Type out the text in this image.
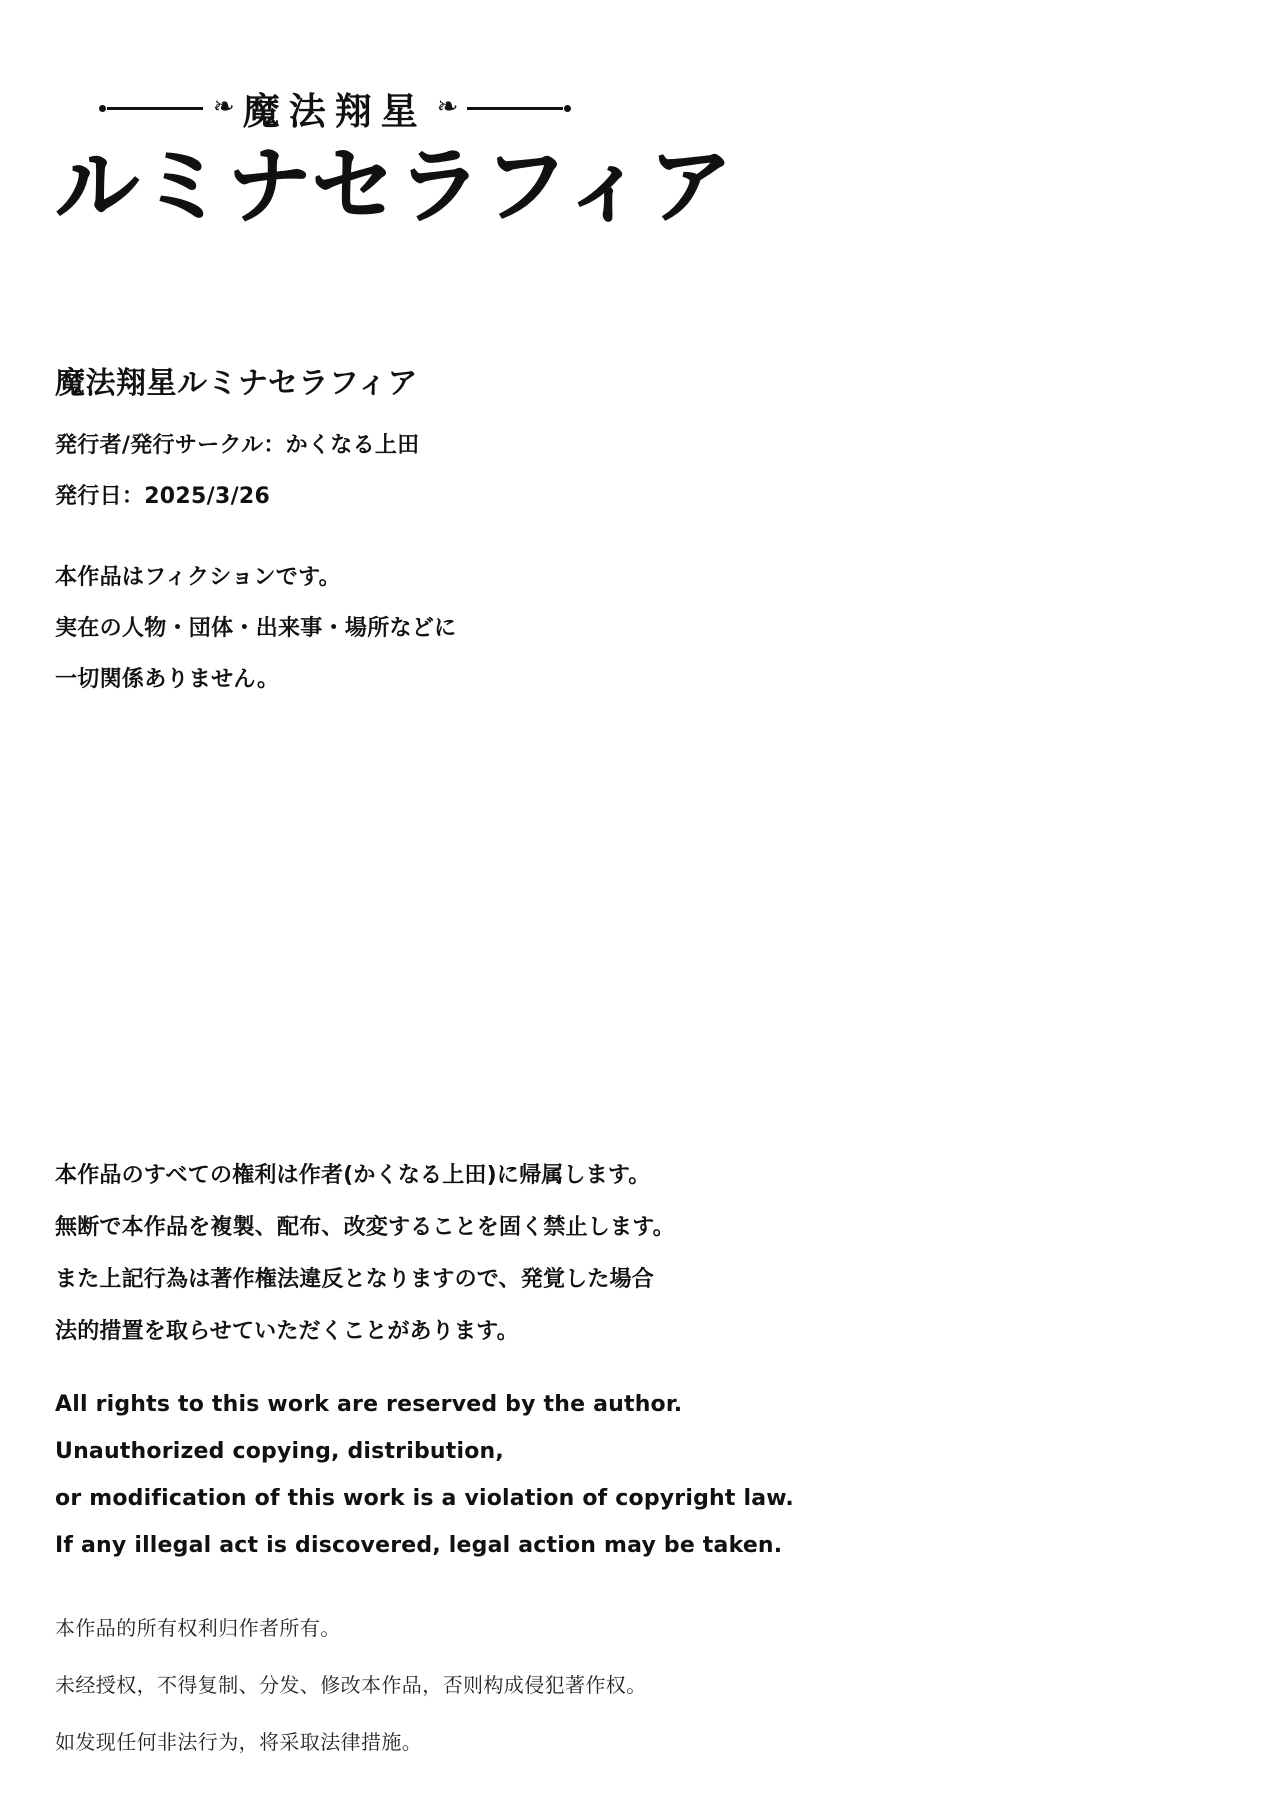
❧ 魔法翔星 ❧
ルミナセラフィア
魔法翔星ルミナセラフィア

発行者/発行サークル：かくなる上田

発行日：2025/3/26

本作品はフィクションです。

実在の人物・団体・出来事・場所などに

一切関係ありません。

本作品のすべての権利は作者(かくなる上田)に帰属します。

無断で本作品を複製、配布、改変することを固く禁止します。

また上記行為は著作権法違反となりますので、発覚した場合

法的措置を取らせていただくことがあります。

All rights to this work are reserved by the author.

Unauthorized copying, distribution,

or modification of this work is a violation of copyright law.

If any illegal act is discovered, legal action may be taken.

本作品的所有权利归作者所有。

未经授权，不得复制、分发、修改本作品，否则构成侵犯著作权。

如发现任何非法行为，将采取法律措施。
